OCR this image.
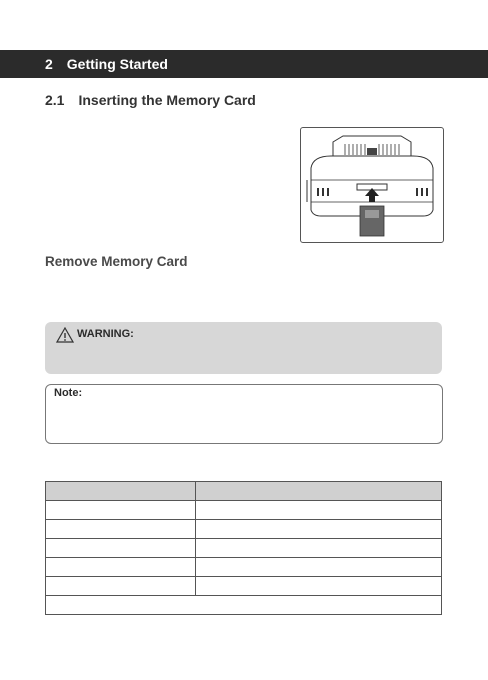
2 Getting Started
2.1 Inserting the Memory Card
Remove Memory Card
WARNING:
Note:
